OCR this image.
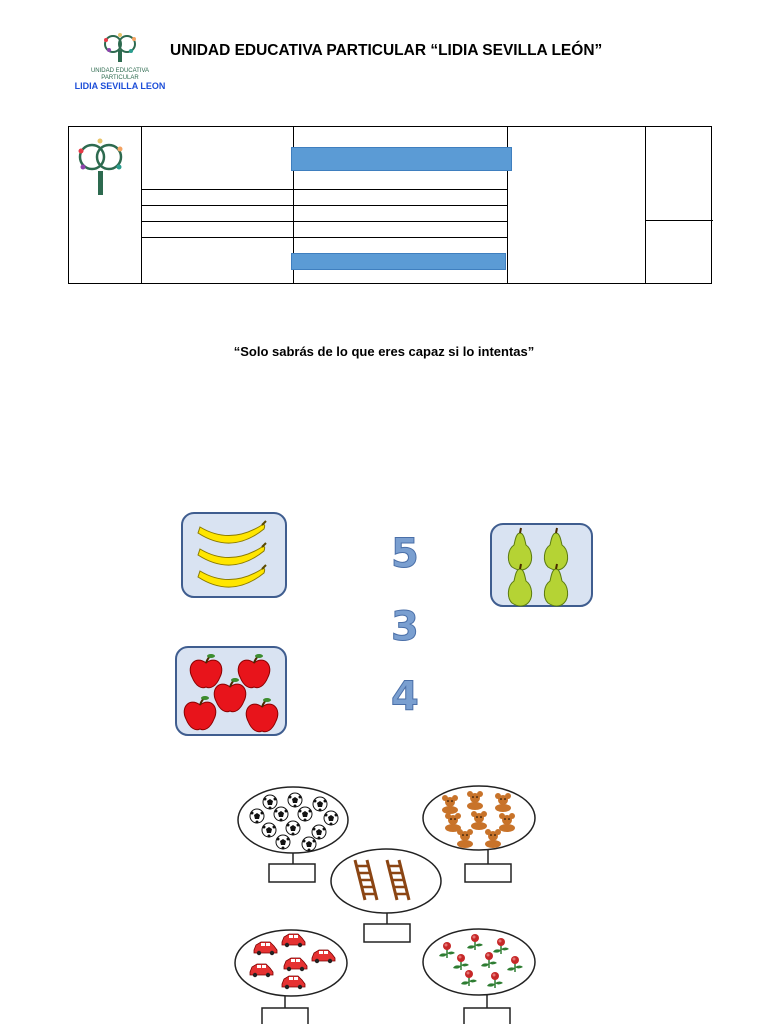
UNIDAD EDUCATIVA
PARTICULAR
LIDIA SEVILLA LEON
UNIDAD EDUCATIVA PARTICULAR “LIDIA SEVILLA LEÓN”
“Solo sabrás de lo que eres capaz si lo intentas”
5
3
4
